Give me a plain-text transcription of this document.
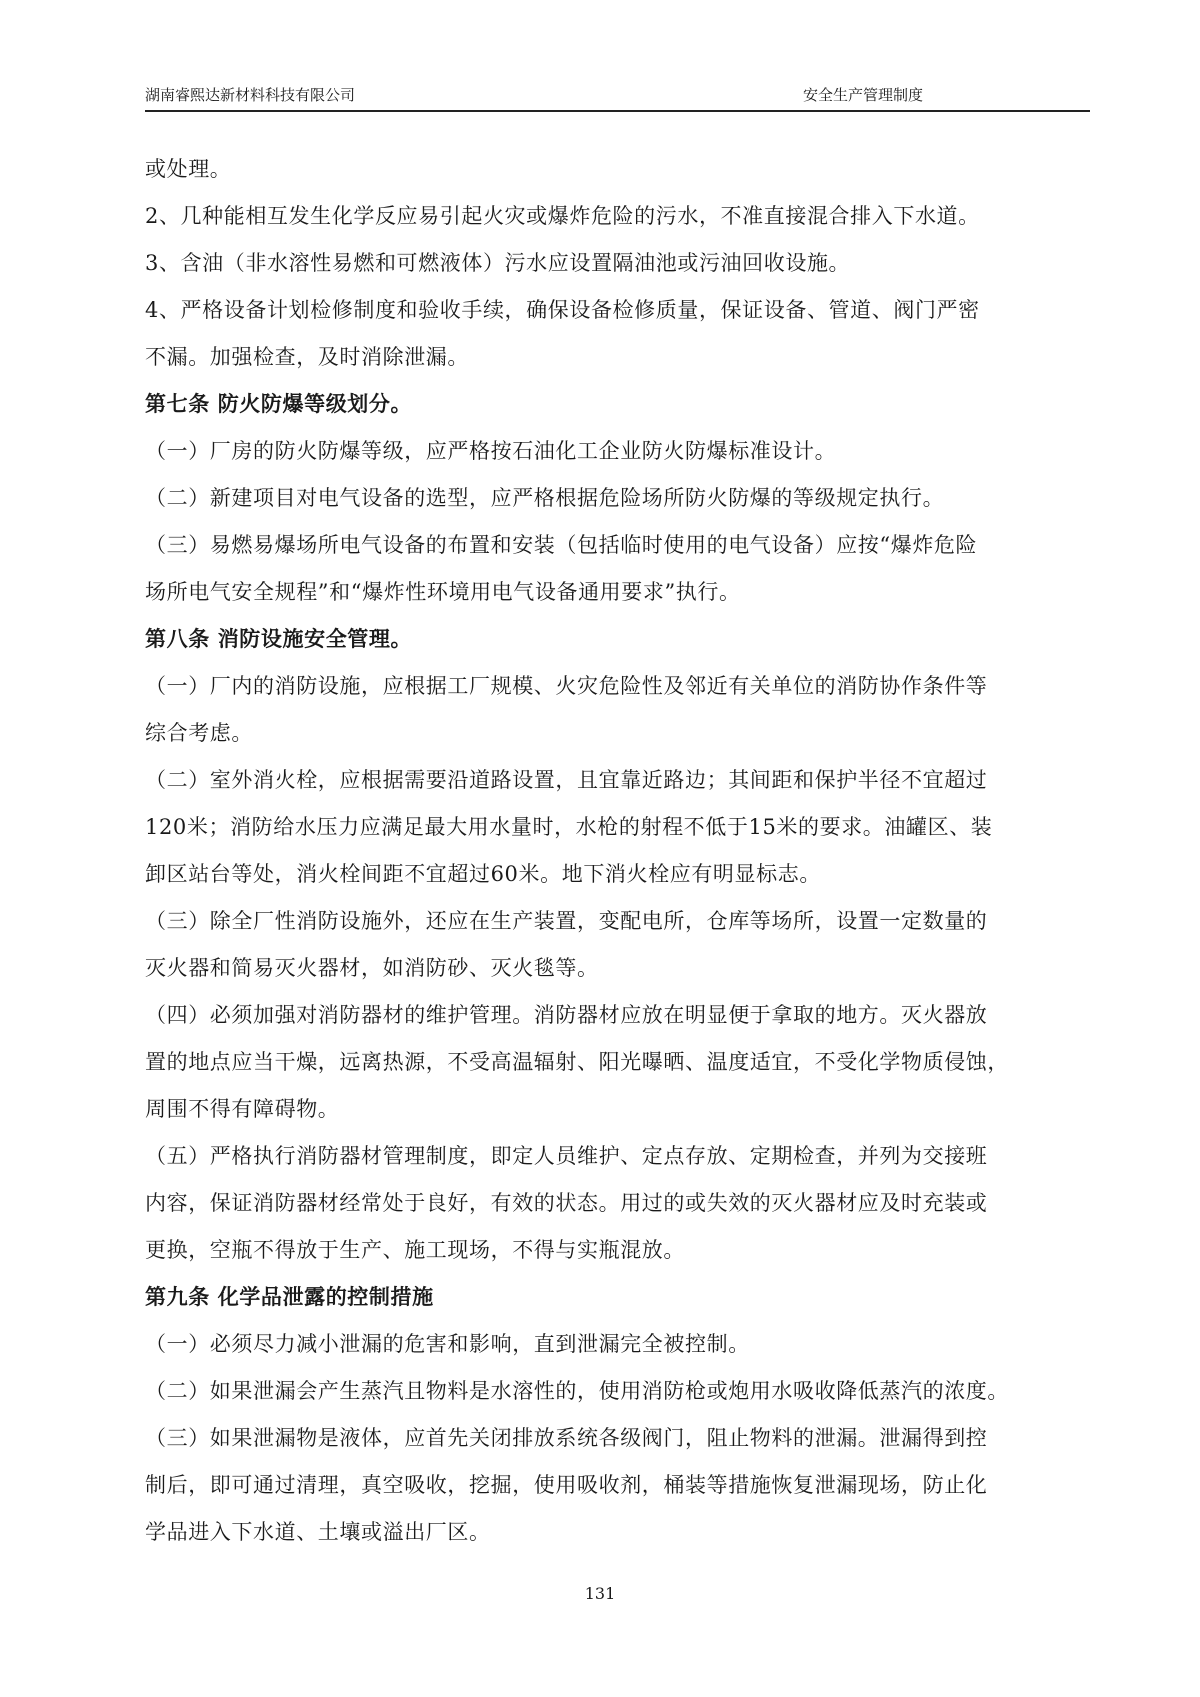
湖南睿熙达新材料科技有限公司	安全生产管理制度
或处理。
2、几种能相互发生化学反应易引起火灾或爆炸危险的污水，不准直接混合排入下水道。
3、含油（非水溶性易燃和可燃液体）污水应设置隔油池或污油回收设施。
4、严格设备计划检修制度和验收手续，确保设备检修质量，保证设备、管道、阀门严密
不漏。加强检查，及时消除泄漏。
第七条 防火防爆等级划分。
（一）厂房的防火防爆等级，应严格按石油化工企业防火防爆标准设计。
（二）新建项目对电气设备的选型，应严格根据危险场所防火防爆的等级规定执行。
（三）易燃易爆场所电气设备的布置和安装（包括临时使用的电气设备）应按“爆炸危险
场所电气安全规程”和“爆炸性环境用电气设备通用要求”执行。
第八条 消防设施安全管理。
（一）厂内的消防设施，应根据工厂规模、火灾危险性及邻近有关单位的消防协作条件等
综合考虑。
（二）室外消火栓，应根据需要沿道路设置，且宜靠近路边；其间距和保护半径不宜超过
120米；消防给水压力应满足最大用水量时，水枪的射程不低于15米的要求。油罐区、装
卸区站台等处，消火栓间距不宜超过60米。地下消火栓应有明显标志。
（三）除全厂性消防设施外，还应在生产装置，变配电所，仓库等场所，设置一定数量的
灭火器和简易灭火器材，如消防砂、灭火毯等。
（四）必须加强对消防器材的维护管理。消防器材应放在明显便于拿取的地方。灭火器放
置的地点应当干燥，远离热源，不受高温辐射、阳光曝晒、温度适宜，不受化学物质侵蚀，
周围不得有障碍物。
（五）严格执行消防器材管理制度，即定人员维护、定点存放、定期检查，并列为交接班
内容，保证消防器材经常处于良好，有效的状态。用过的或失效的灭火器材应及时充装或
更换，空瓶不得放于生产、施工现场，不得与实瓶混放。
第九条 化学品泄露的控制措施
（一）必须尽力减小泄漏的危害和影响，直到泄漏完全被控制。
（二）如果泄漏会产生蒸汽且物料是水溶性的，使用消防枪或炮用水吸收降低蒸汽的浓度。
（三）如果泄漏物是液体，应首先关闭排放系统各级阀门，阻止物料的泄漏。泄漏得到控
制后，即可通过清理，真空吸收，挖掘，使用吸收剂，桶装等措施恢复泄漏现场，防止化
学品进入下水道、土壤或溢出厂区。
131
